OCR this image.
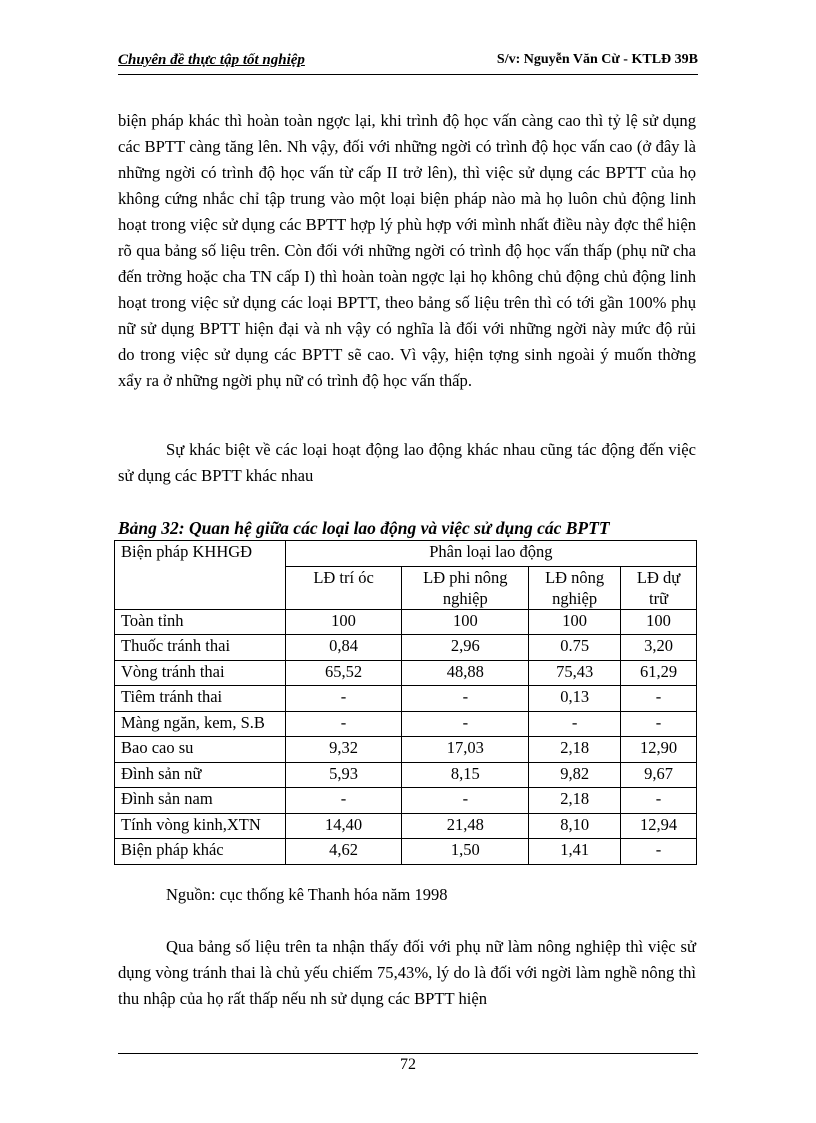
Chuyên đề thực tập tốt nghiệp	S/v: Nguyễn Văn Cừ - KTLĐ 39B

biện pháp khác thì hoàn toàn ngợc lại, khi trình độ học vấn càng cao thì tỷ lệ sử dụng các BPTT càng tăng lên. Nh vậy, đối với những ngời có trình độ học vấn cao (ở đây là những ngời có trình độ học vấn từ cấp II trở lên), thì việc sử dụng các BPTT của họ không cứng nhắc chỉ tập trung vào một loại biện pháp nào mà họ luôn chủ động linh hoạt trong việc sử dụng các BPTT hợp lý phù hợp với mình nhất điều này đợc thể hiện rõ qua bảng số liệu trên. Còn đối với những ngời có trình độ học vấn thấp (phụ nữ cha đến trờng hoặc cha TN cấp I) thì hoàn toàn ngợc lại họ không chủ động chủ động linh hoạt trong việc sử dụng các loại BPTT, theo bảng số liệu trên thì có tới gần 100% phụ nữ sử dụng BPTT hiện đại và nh vậy có nghĩa là đối với những ngời này mức độ rủi do trong việc sử dụng các BPTT sẽ cao. Vì vậy, hiện tợng sinh ngoài ý muốn thờng xẩy ra ở những ngời phụ nữ có trình độ học vấn thấp.

Sự khác biệt về các loại hoạt động lao động khác nhau cũng tác động đến việc sử dụng các BPTT khác nhau

Bảng 32: Quan hệ giữa các loại lao động và việc sử dụng các BPTT
Biện pháp KHHGĐ	Phân loại lao động			
	LĐ trí óc	LĐ phi nông nghiệp	LĐ nông nghiệp	LĐ dự trữ
Toàn tỉnh	100	100	100	100
Thuốc tránh thai	0,84	2,96	0.75	3,20
Vòng tránh thai	65,52	48,88	75,43	61,29
Tiêm tránh thai	-	-	0,13	-
Màng ngăn, kem, S.B	-	-	-	-
Bao cao su	9,32	17,03	2,18	12,90
Đình sản nữ	5,93	8,15	9,82	9,67
Đình sản nam	-	-	2,18	-
Tính vòng kinh,XTN	14,40	21,48	8,10	12,94
Biện pháp khác	4,62	1,50	1,41	-
Nguồn: cục thống kê Thanh hóa năm 1998

Qua bảng số liệu trên ta nhận thấy đối với phụ nữ làm nông nghiệp thì việc sử dụng vòng tránh thai là chủ yếu chiếm 75,43%, lý do là đối với ngời làm nghề nông thì thu nhập của họ rất thấp nếu nh sử dụng các BPTT hiện

72
